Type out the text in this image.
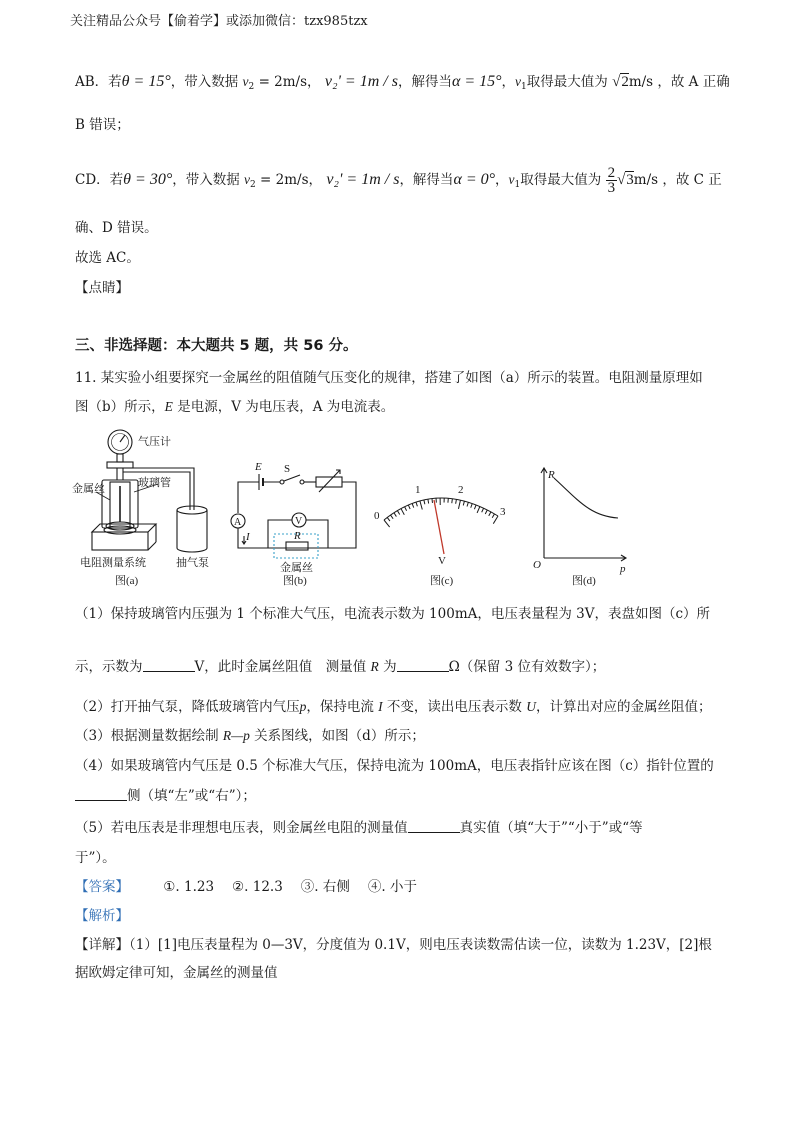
关注精品公众号【偷着学】或添加微信：tzx985tzx
AB．若θ = 15°，带入数据 $v_2 = 2m/s$， v₂' = 1m / s，解得当α = 15°，$v_1$取得最大值为 √2m/s ，故 A 正确
B 错误；
CD．若θ = 30°，带入数据 $v_2 = 2m/s$， v₂' = 1m / s，解得当α = 0°，$v_1$取得最大值为 $\frac{2}{3} √3m/s$ ，故 C 正
确、D 错误。
故选 AC。
【点睛】
三、非选择题：本大题共 5 题，共 56 分。
11. 某实验小组要探究一金属丝的阻值随气压变化的规律，搭建了如图（a）所示的装置。电阻测量原理如
图（b）所示，E 是电源，V 为电压表，A 为电流表。
气压计
金属丝	玻璃管
电阻测量系统	抽气泵
图(a)
E S
A	V
I	R
金属丝
图(b)
0
1	2
3
V
图(c)
R
p
O
图(d)
（1）保持玻璃管内压强为 1 个标准大气压，电流表示数为 100mA，电压表量程为 3V，表盘如图（c）所
示，示数为	V，此时金属丝阻值　测量值 R 为	Ω（保留 3 位有效数字）；
（2）打开抽气泵，降低玻璃管内气压p，保持电流 I 不变，读出电压表示数 U，计算出对应的金属丝阻值；
（3）根据测量数据绘制 R—p 关系图线，如图（d）所示；
（4）如果玻璃管内气压是 0.5 个标准大气压，保持电流为 100mA，电压表指针应该在图（c）指针位置的
侧（填“左”或“右”）；
（5）若电压表是非理想电压表，则金属丝电阻的测量值	真实值（填“大于”“小于”或“等
于”）。
【答案】	①. 1.23 ②. 12.3 ③. 右侧 ④. 小于
【解析】
【详解】（1）[1]电压表量程为 0—3V，分度值为 0.1V，则电压表读数需估读一位，读数为 1.23V，[2]根
据欧姆定律可知，金属丝的测量值
